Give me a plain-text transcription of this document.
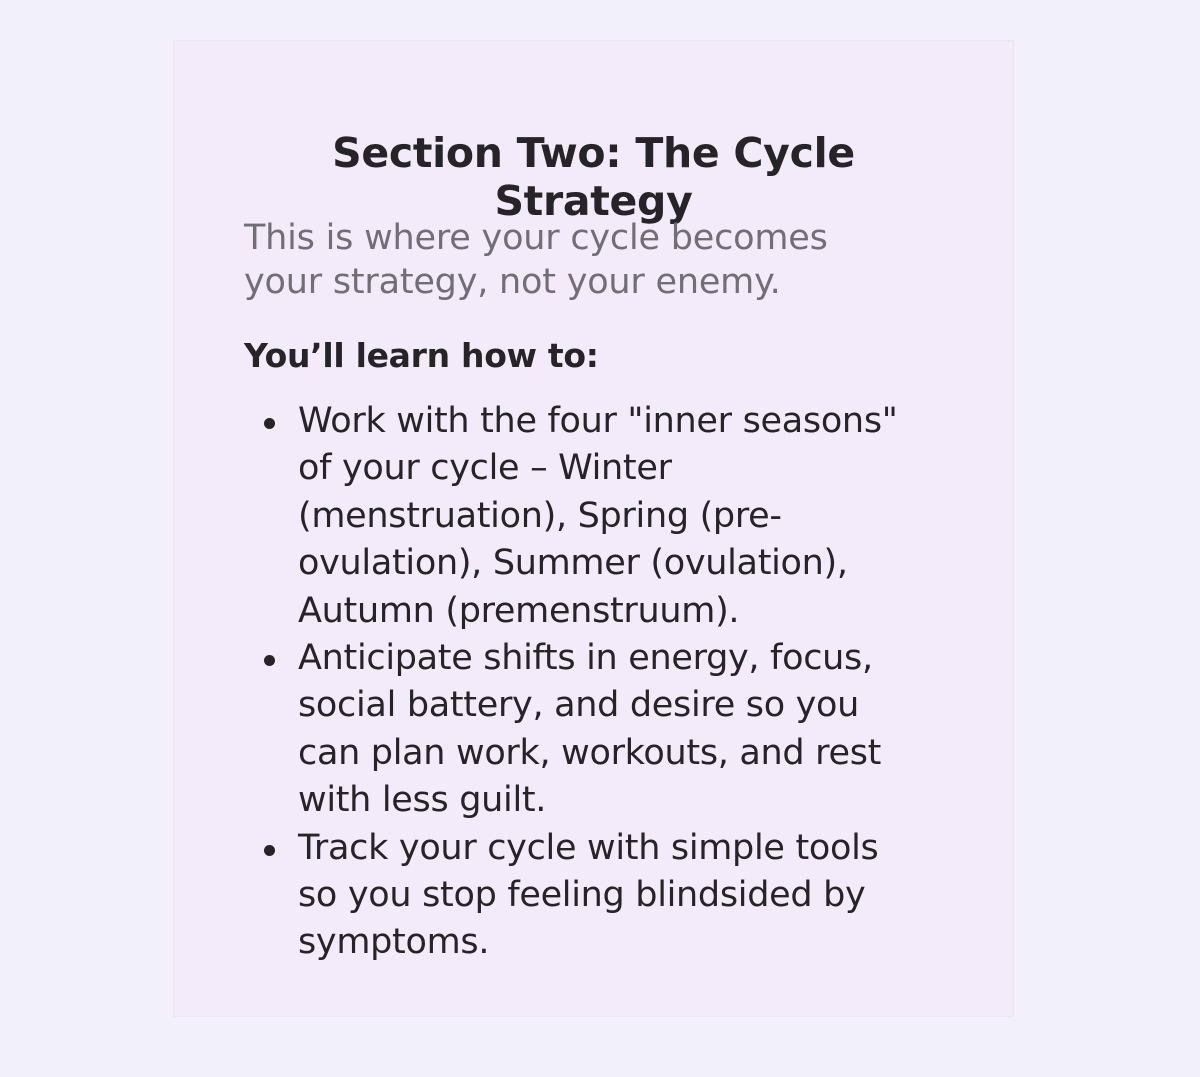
Section Two: The Cycle
Strategy

This is where your cycle becomes
your strategy, not your enemy.

You’ll learn how to:

Work with the four "inner seasons"
of your cycle – Winter
(menstruation), Spring (pre-
ovulation), Summer (ovulation),
Autumn (premenstruum).
Anticipate shifts in energy, focus,
social battery, and desire so you
can plan work, workouts, and rest
with less guilt.
Track your cycle with simple tools
so you stop feeling blindsided by
symptoms.
